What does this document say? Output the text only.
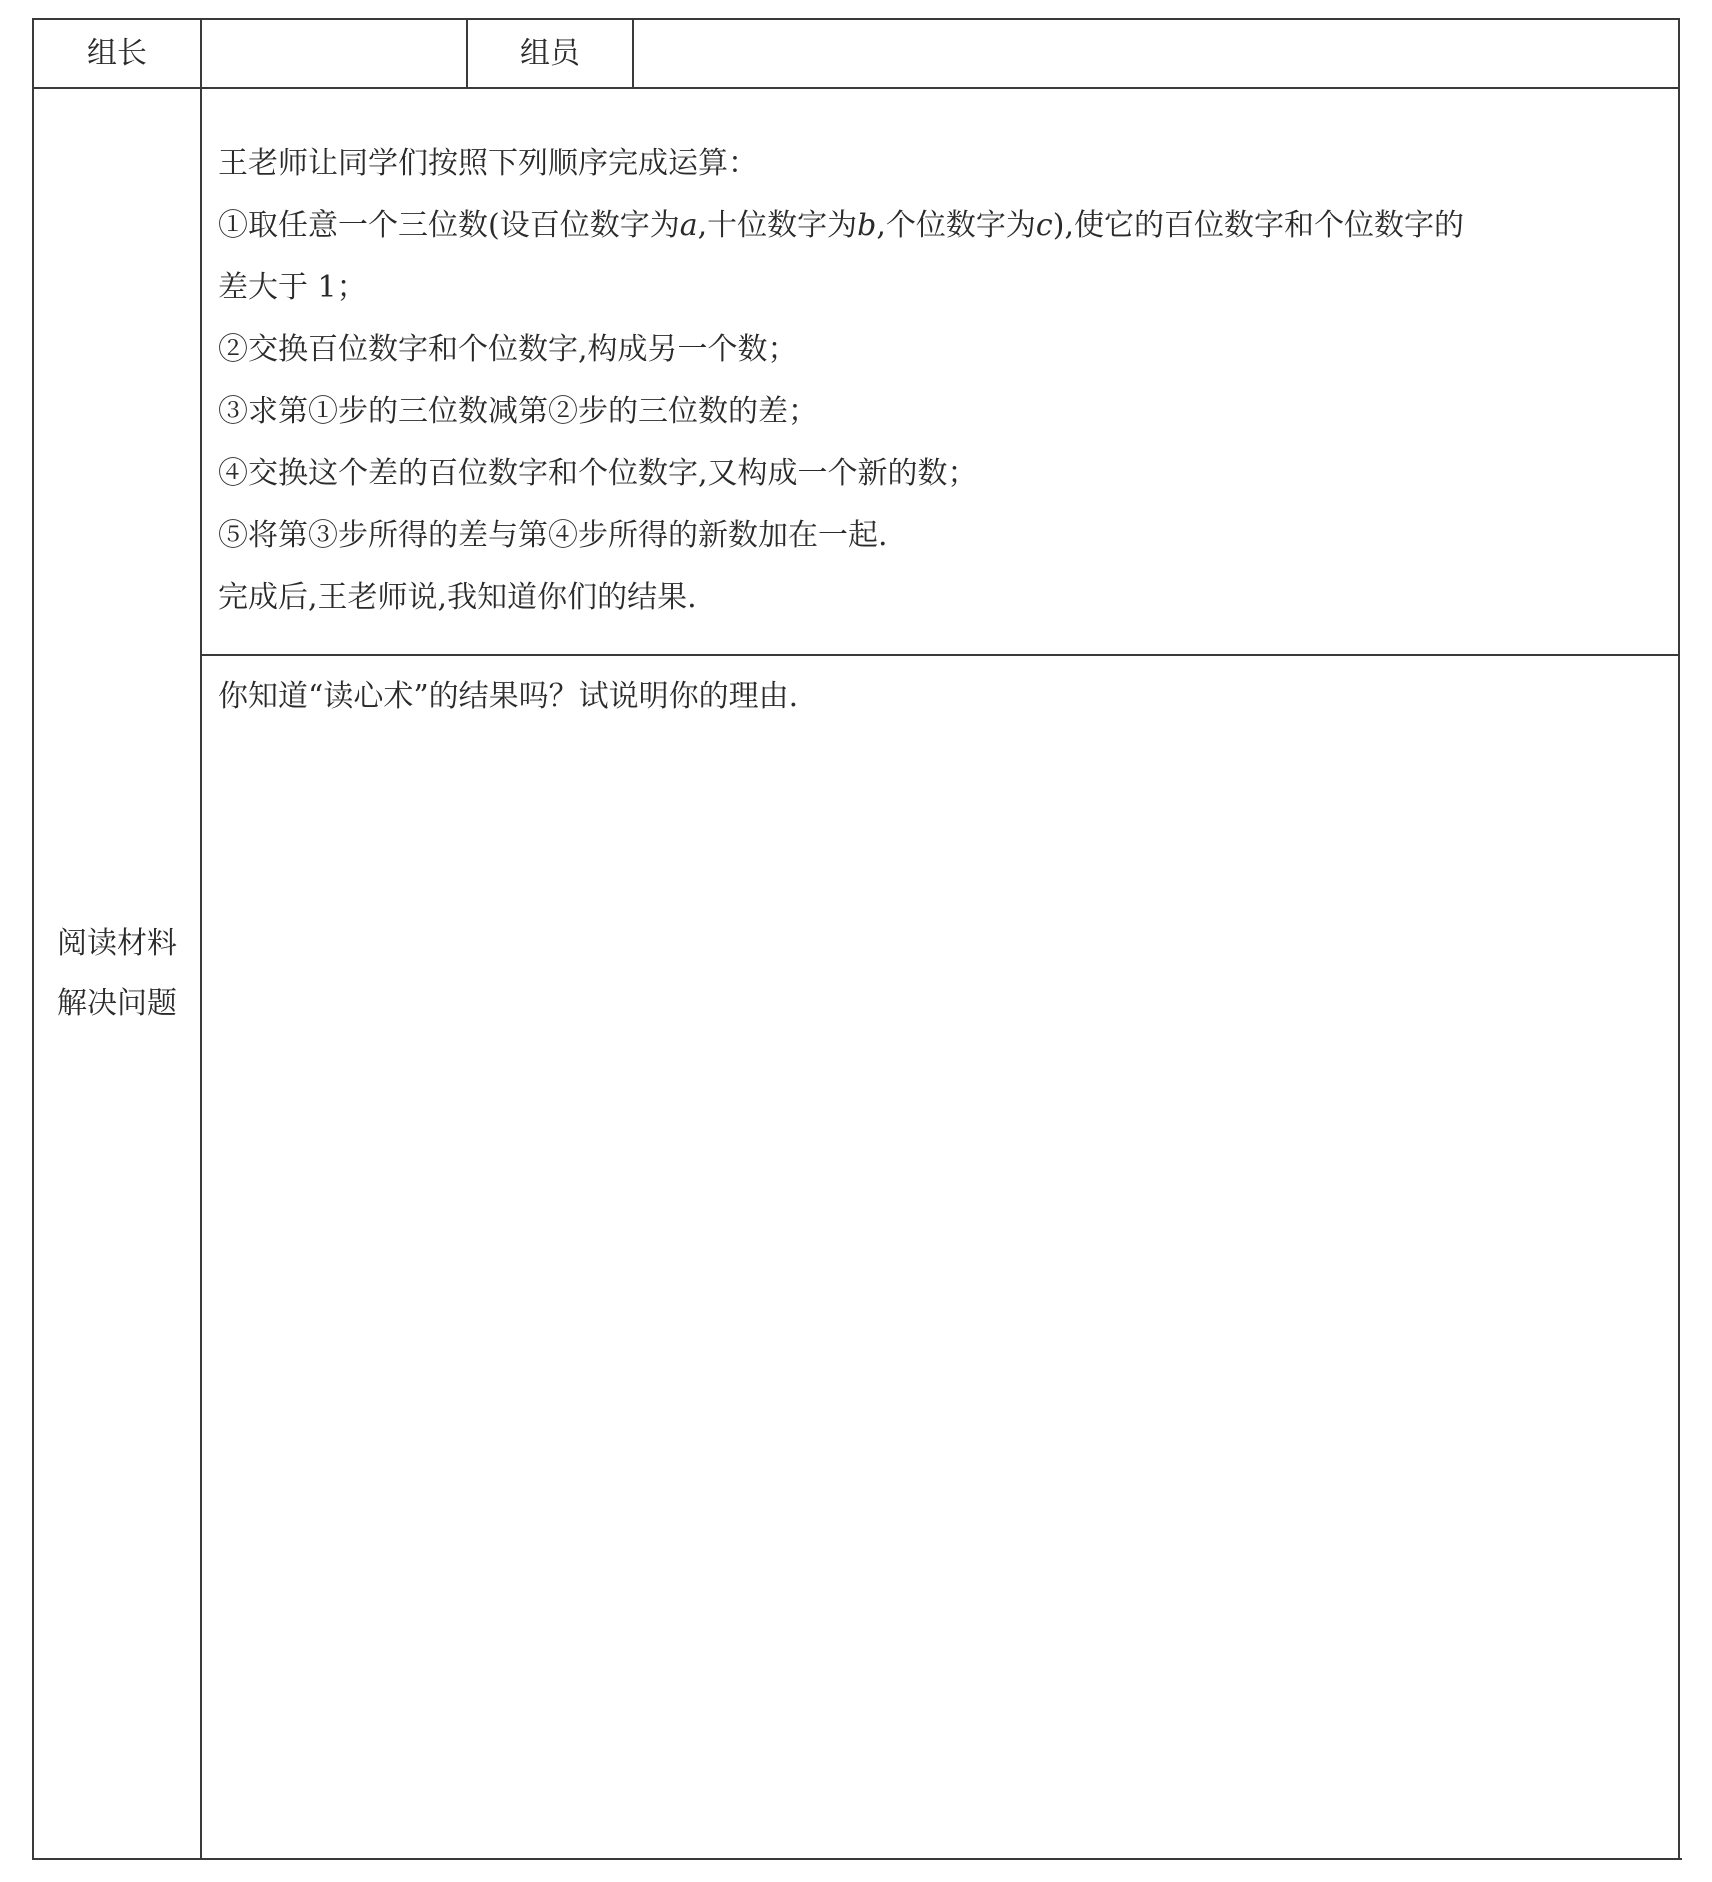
组长	组员
阅读材料
解决问题
王老师让同学们按照下列顺序完成运算：
①取任意一个三位数(设百位数字为a,十位数字为b,个位数字为c),使它的百位数字和个位数字的
差大于 1；
②交换百位数字和个位数字,构成另一个数；
③求第①步的三位数减第②步的三位数的差；
④交换这个差的百位数字和个位数字,又构成一个新的数；
⑤将第③步所得的差与第④步所得的新数加在一起.
完成后,王老师说,我知道你们的结果.
你知道“读心术”的结果吗？试说明你的理由.
